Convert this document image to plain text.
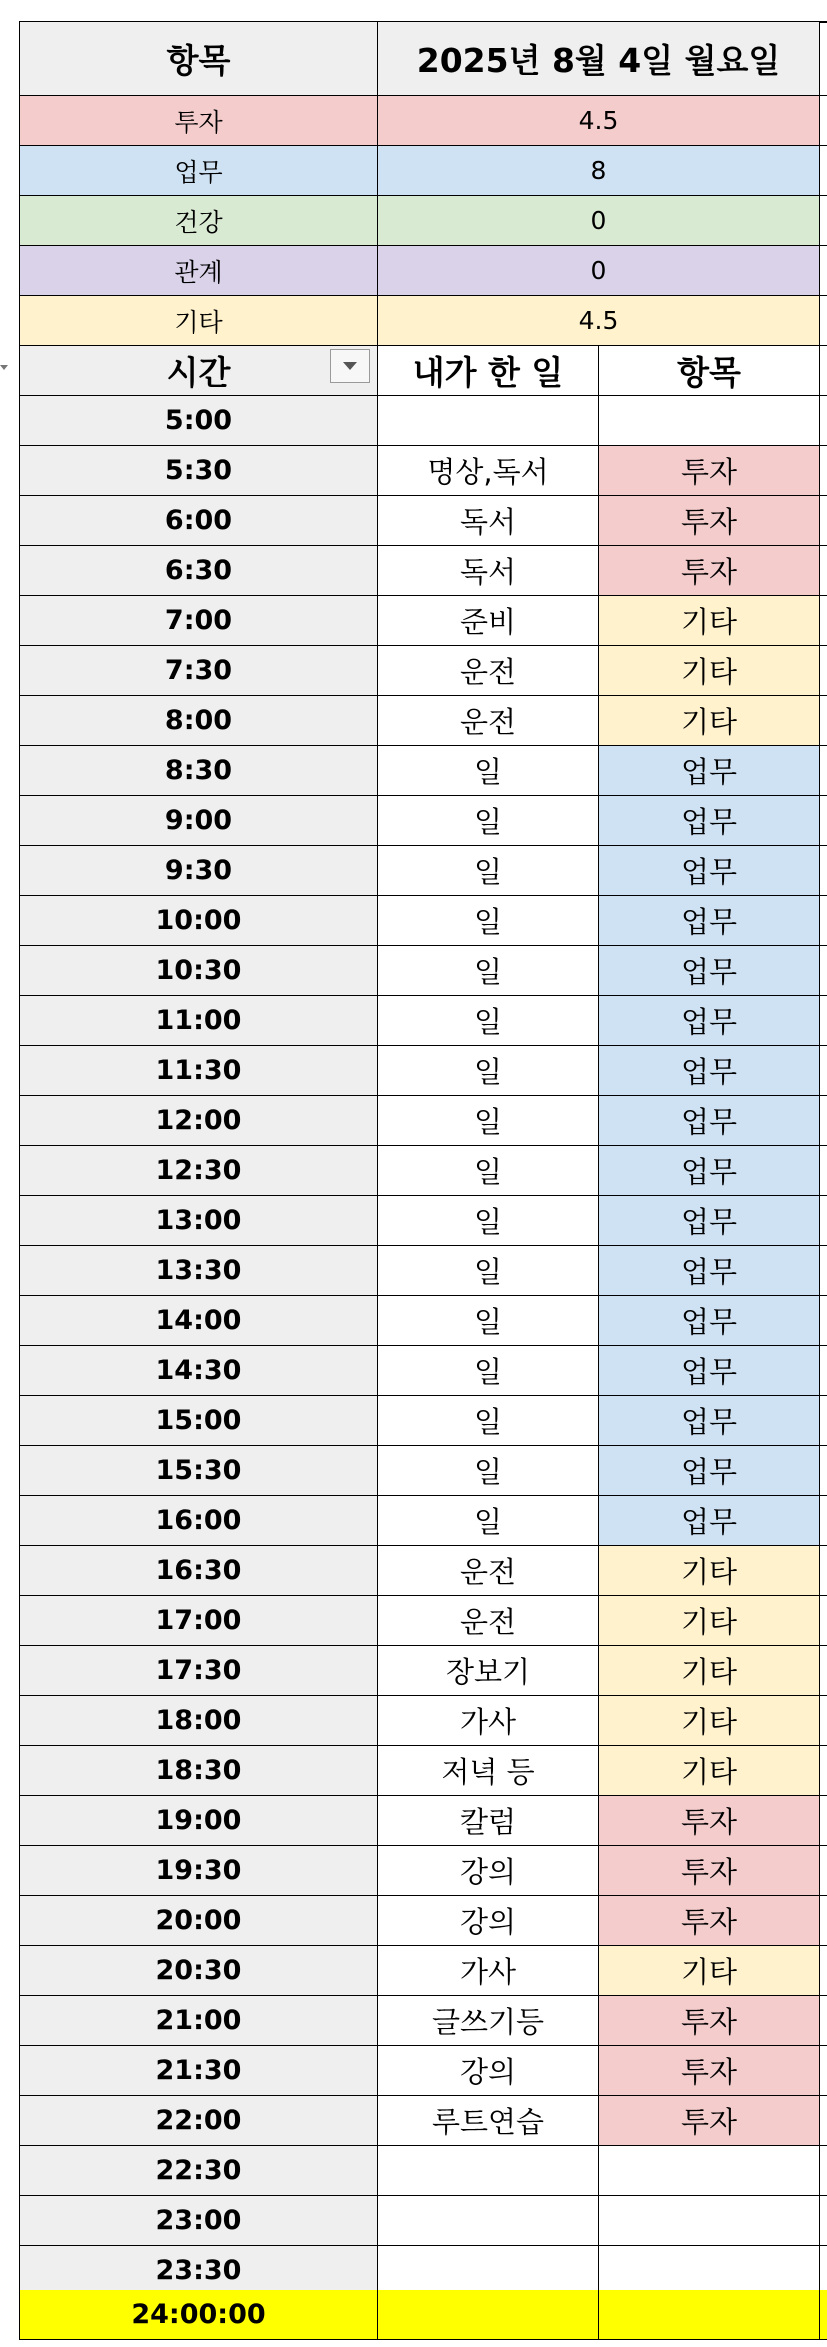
항목	2025년 8월 4일 월요일
투자	4.5
업무	8
건강	0
관계	0
기타	4.5
시간	내가 한 일	항목
5:00
5:30	명상,독서	투자
6:00	독서	투자
6:30	독서	투자
7:00	준비	기타
7:30	운전	기타
8:00	운전	기타
8:30	일	업무
9:00	일	업무
9:30	일	업무
10:00	일	업무
10:30	일	업무
11:00	일	업무
11:30	일	업무
12:00	일	업무
12:30	일	업무
13:00	일	업무
13:30	일	업무
14:00	일	업무
14:30	일	업무
15:00	일	업무
15:30	일	업무
16:00	일	업무
16:30	운전	기타
17:00	운전	기타
17:30	장보기	기타
18:00	가사	기타
18:30	저녁 등	기타
19:00	칼럼	투자
19:30	강의	투자
20:00	강의	투자
20:30	가사	기타
21:00	글쓰기등	투자
21:30	강의	투자
22:00	루트연습	투자
22:30
23:00
23:30
24:00:00
